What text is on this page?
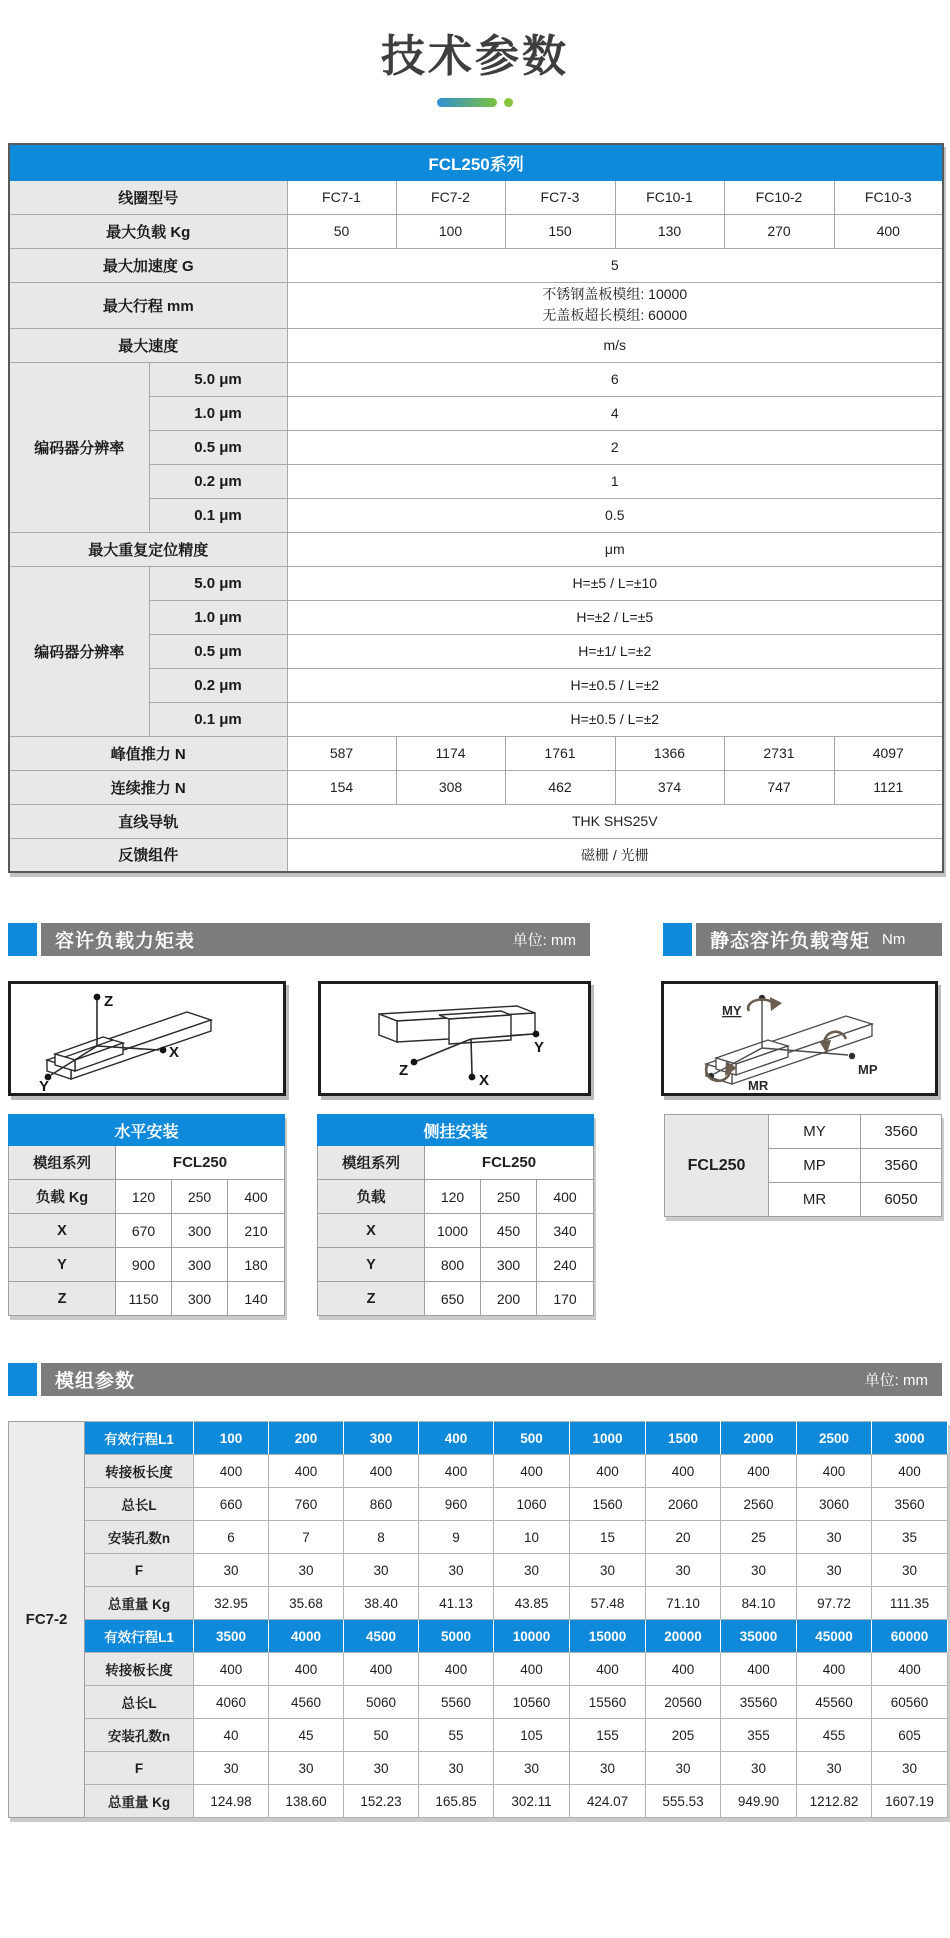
技术参数
FCL250系列							
线圈型号		FC7-1	FC7-2	FC7-3	FC10-1	FC10-2	FC10-3
最大负载 Kg		50	100	150	130	270	400
最大加速度 G		5					
最大行程 mm		不锈钢盖板模组: 10000
无盖板超长模组: 60000					

最大速度		m/s					
编码器分辨率	5.0 μm	6					
	1.0 μm	4					
	0.5 μm	2					
	0.2 μm	1					
	0.1 μm	0.5					
最大重复定位精度		μm					
编码器分辨率	5.0 μm	H=±5 / L=±10					
	1.0 μm	H=±2 / L=±5					
	0.5 μm	H=±1/ L=±2					
	0.2 μm	H=±0.5 / L=±2					
	0.1 μm	H=±0.5 / L=±2					
峰值推力 N		587	1174	1761	1366	2731	4097
连续推力 N		154	308	462	374	747	1121
直线导轨		THK SHS25V					
反馈组件		磁栅 / 光栅					
容许负载力矩表	单位: mm	静态容许负载弯矩 Nm
Z
X
Y
Z
Y
X
MY
MP
MR
水平安装			
模组系列	FCL250		
负载 Kg	120	250	400
X	670	300	210
Y	900	300	180
Z	1150	300	140
侧挂安装			
模组系列	FCL250		
负载	120	250	400
X	1000	450	340
Y	800	300	240
Z	650	200	170
FCL250	MY	3560
	MP	3560
	MR	6050
模组参数	单位: mm
FC7-2	有效行程L1	100	200	300	400	500	1000	1500	2000	2500	3000
	转接板长度	400	400	400	400	400	400	400	400	400	400
	总长L	660	760	860	960	1060	1560	2060	2560	3060	3560
	安装孔数n	6	7	8	9	10	15	20	25	30	35
	F	30	30	30	30	30	30	30	30	30	30
	总重量 Kg	32.95	35.68	38.40	41.13	43.85	57.48	71.10	84.10	97.72	111.35
	有效行程L1	3500	4000	4500	5000	10000	15000	20000	35000	45000	60000
	转接板长度	400	400	400	400	400	400	400	400	400	400
	总长L	4060	4560	5060	5560	10560	15560	20560	35560	45560	60560
	安装孔数n	40	45	50	55	105	155	205	355	455	605
	F	30	30	30	30	30	30	30	30	30	30
	总重量 Kg	124.98	138.60	152.23	165.85	302.11	424.07	555.53	949.90	1212.82	1607.19
